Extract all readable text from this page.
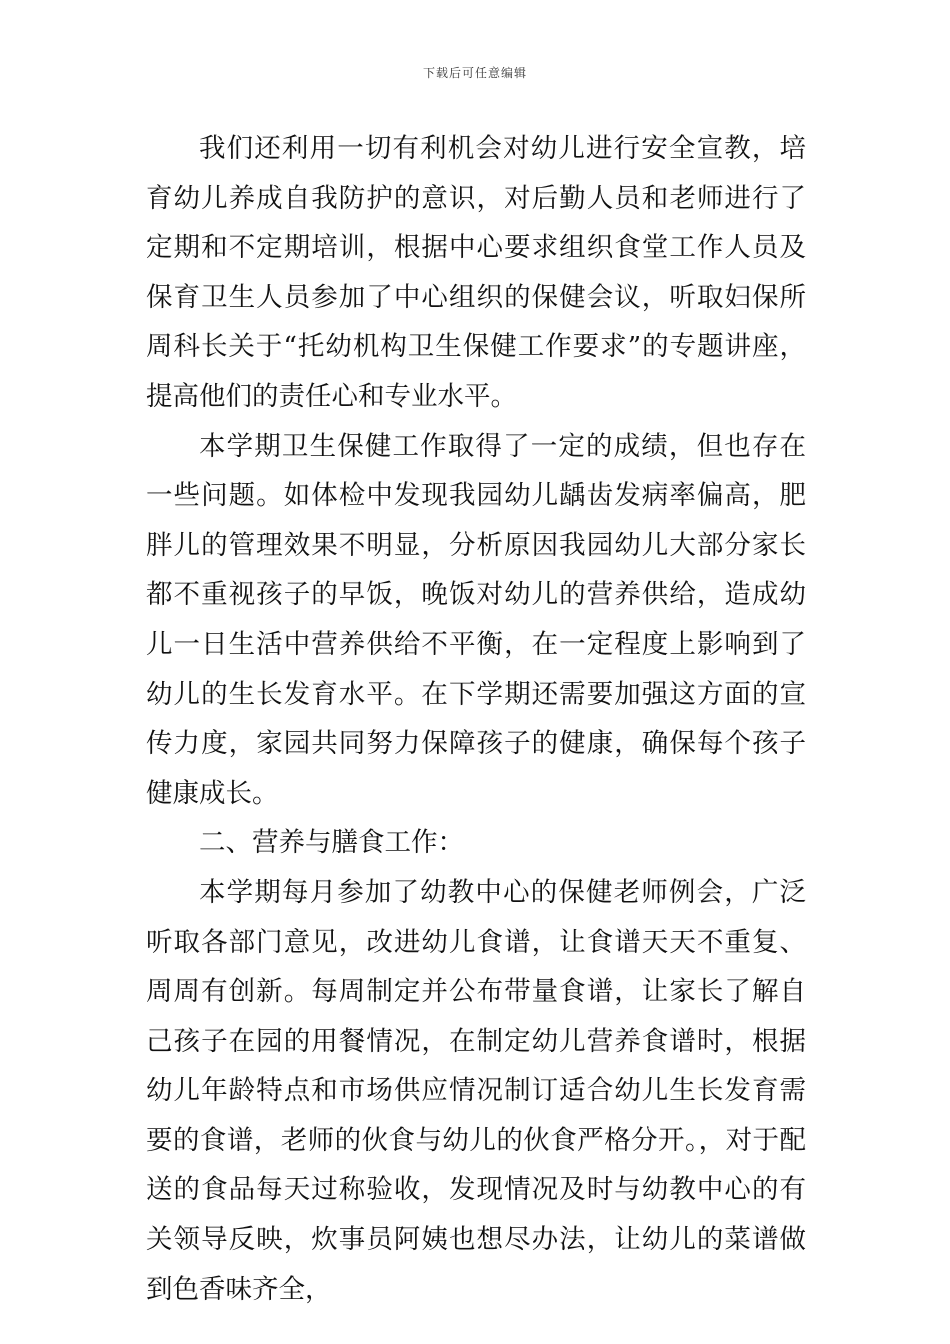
下载后可任意编辑

我们还利用一切有利机会对幼儿进行安全宣教，培育幼儿养成自我防护的意识，对后勤人员和老师进行了定期和不定期培训，根据中心要求组织食堂工作人员及保育卫生人员参加了中心组织的保健会议，听取妇保所周科长关于“托幼机构卫生保健工作要求”的专题讲座，提高他们的责任心和专业水平。

本学期卫生保健工作取得了一定的成绩，但也存在一些问题。如体检中发现我园幼儿龋齿发病率偏高，肥胖儿的管理效果不明显，分析原因我园幼儿大部分家长都不重视孩子的早饭，晚饭对幼儿的营养供给，造成幼儿一日生活中营养供给不平衡，在一定程度上影响到了幼儿的生长发育水平。在下学期还需要加强这方面的宣传力度，家园共同努力保障孩子的健康，确保每个孩子健康成长。

二、营养与膳食工作：

本学期每月参加了幼教中心的保健老师例会，广泛听取各部门意见，改进幼儿食谱，让食谱天天不重复、周周有创新。每周制定并公布带量食谱，让家长了解自己孩子在园的用餐情况，在制定幼儿营养食谱时，根据幼儿年龄特点和市场供应情况制订适合幼儿生长发育需要的食谱，老师的伙食与幼儿的伙食严格分开。，对于配送的食品每天过称验收，发现情况及时与幼教中心的有关领导反映，炊事员阿姨也想尽办法，让幼儿的菜谱做到色香味齐全，
